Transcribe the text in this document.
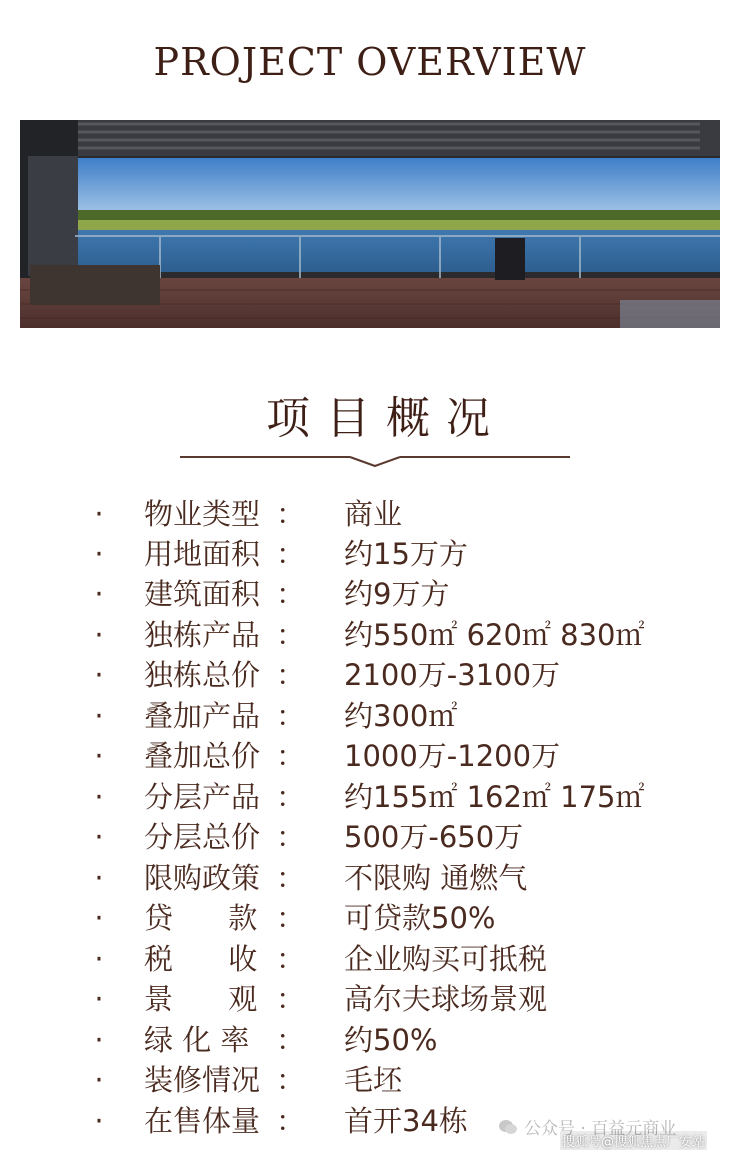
PROJECT OVERVIEW
项目概况
· 物业类型 ： 商业
· 用地面积 ： 约15万方
· 建筑面积 ： 约9万方
· 独栋产品 ： 约550㎡ 620㎡ 830㎡
· 独栋总价 ： 2100万-3100万
· 叠加产品 ： 约300㎡
· 叠加总价 ： 1000万-1200万
· 分层产品 ： 约155㎡ 162㎡ 175㎡
· 分层总价 ： 500万-650万
· 限购政策 ： 不限购 通燃气
· 贷      款 ： 可贷款50%
· 税      收 ： 企业购买可抵税
· 景      观 ： 高尔夫球场景观
· 绿 化 率 ： 约50%
· 装修情况 ： 毛坯
· 在售体量 ： 首开34栋	公众号 · 百益元商业
搜狐号@搜狐焦点厂安站
